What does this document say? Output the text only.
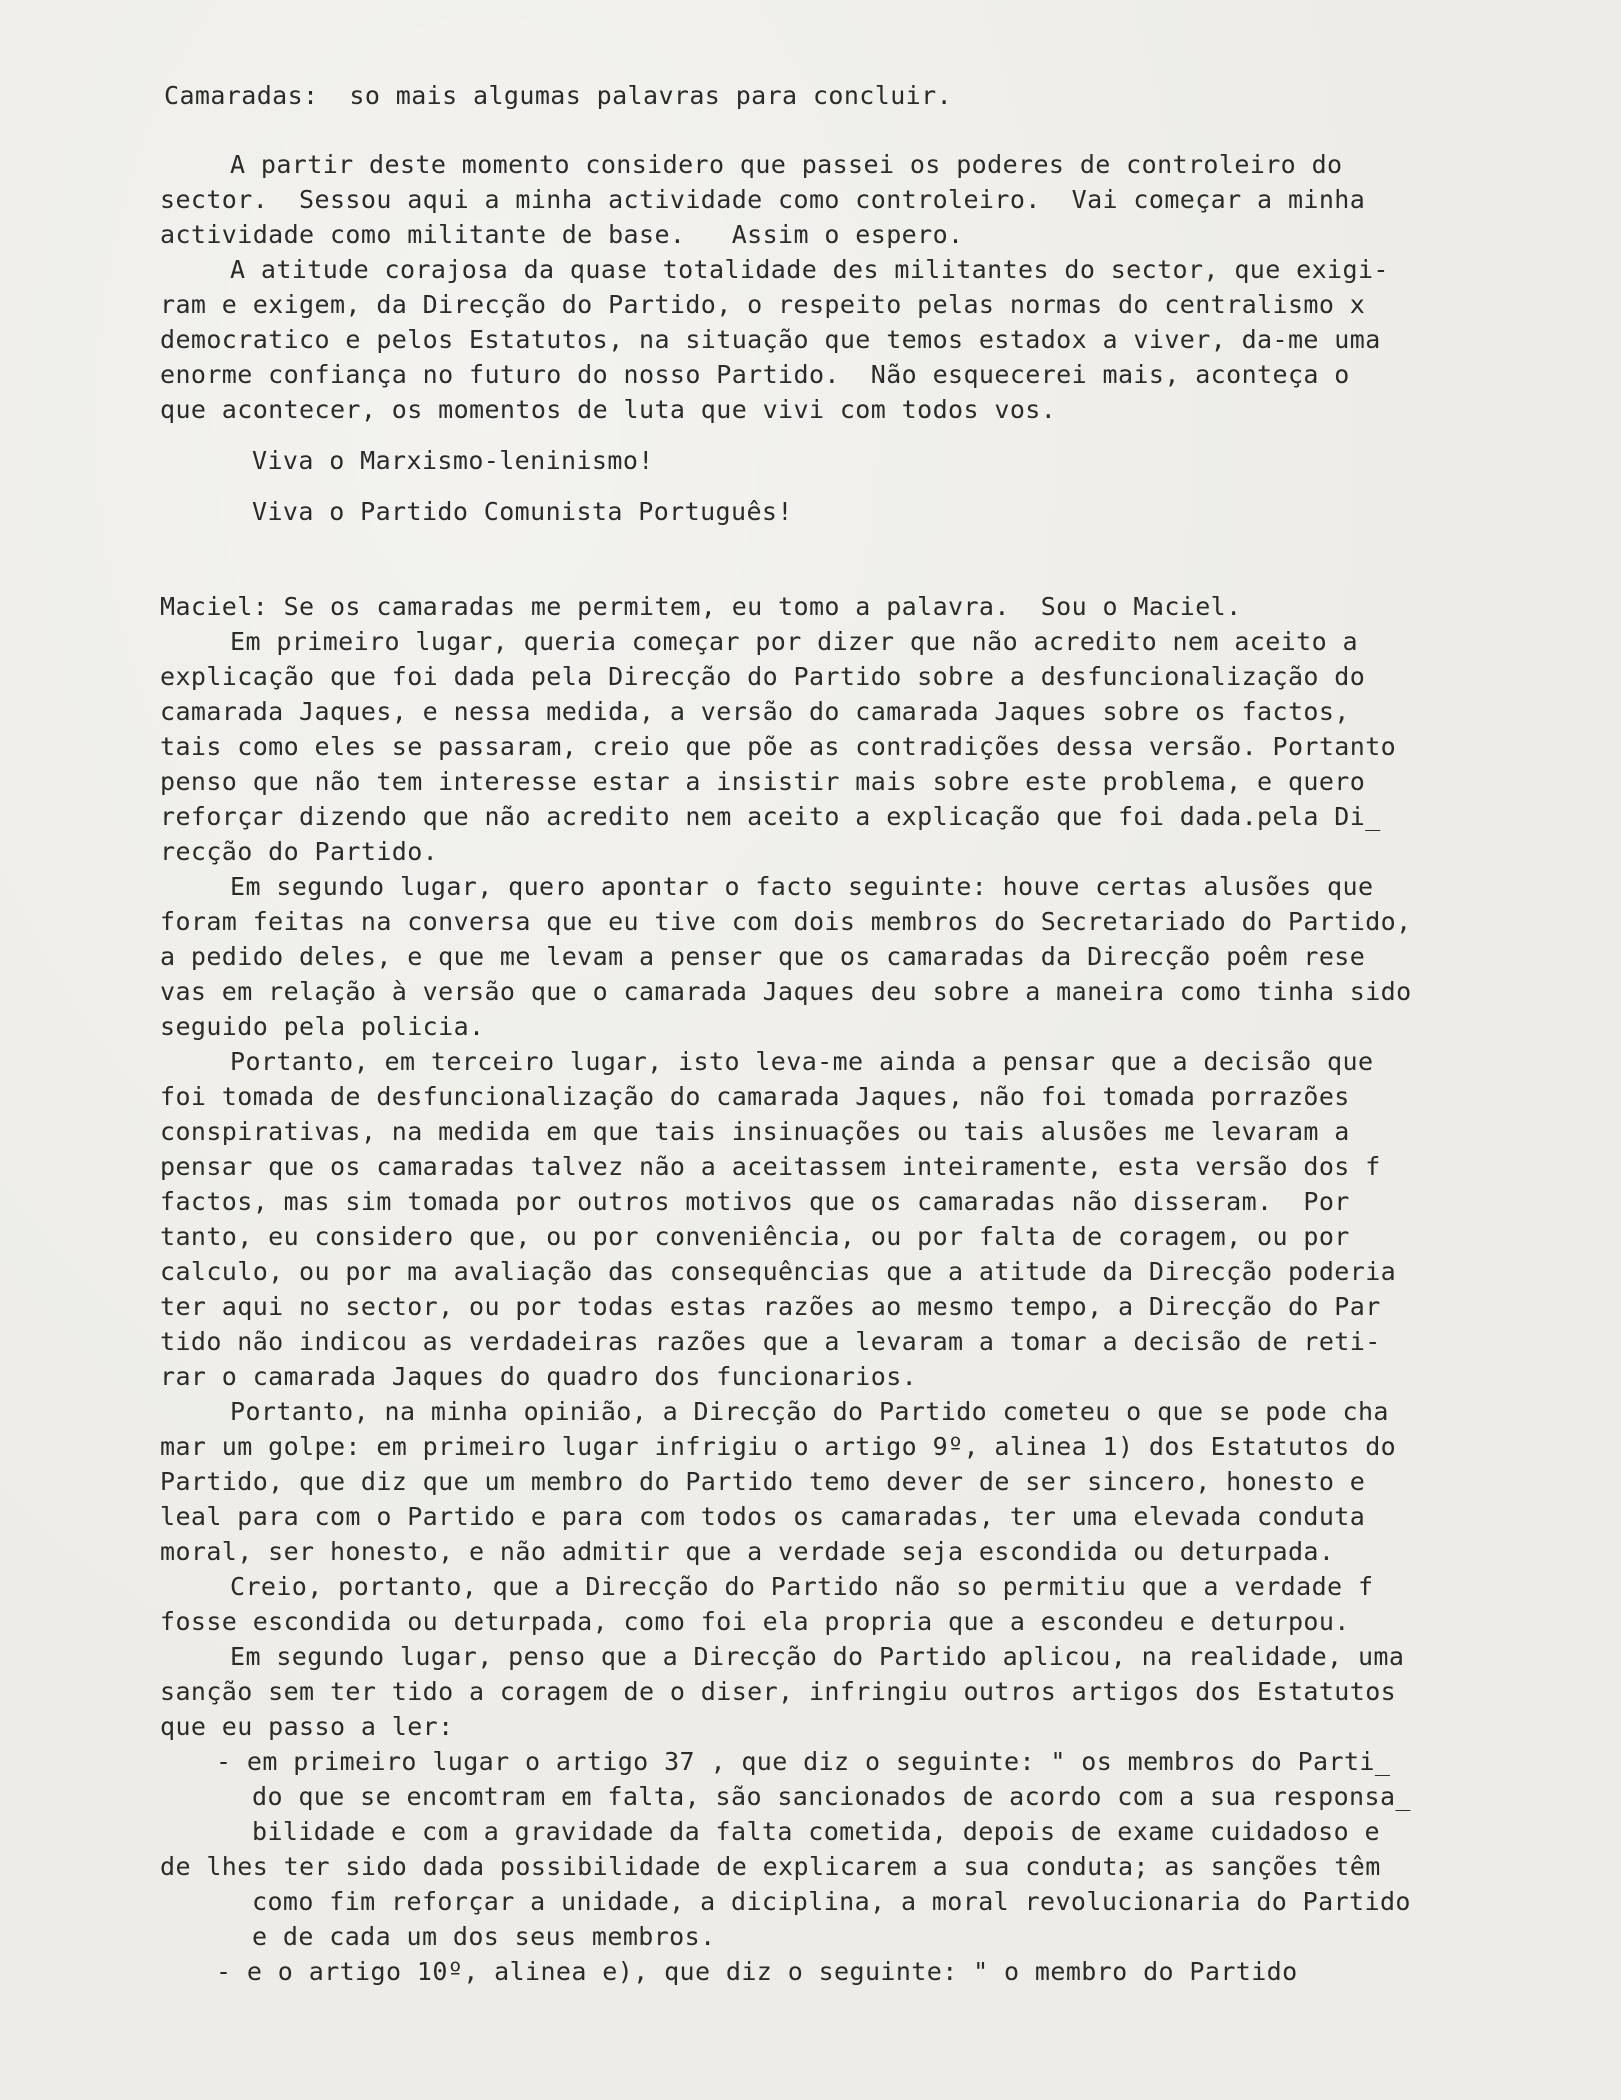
Camaradas:  so mais algumas palavras para concluir.
A partir deste momento considero que passei os poderes de controleiro do
sector.  Sessou aqui a minha actividade como controleiro.  Vai começar a minha
actividade como militante de base.   Assim o espero.
A atitude corajosa da quase totalidade des militantes do sector, que exigi-
ram e exigem, da Direcção do Partido, o respeito pelas normas do centralismo x
democratico e pelos Estatutos, na situação que temos estadox a viver, da-me uma
enorme confiança no futuro do nosso Partido.  Não esquecerei mais, aconteça o
que acontecer, os momentos de luta que vivi com todos vos.
Viva o Marxismo-leninismo!
Viva o Partido Comunista Português!
Maciel: Se os camaradas me permitem, eu tomo a palavra.  Sou o Maciel.
Em primeiro lugar, queria começar por dizer que não acredito nem aceito a
explicação que foi dada pela Direcção do Partido sobre a desfuncionalização do
camarada Jaques, e nessa medida, a versão do camarada Jaques sobre os factos,
tais como eles se passaram, creio que põe as contradições dessa versão. Portanto
penso que não tem interesse estar a insistir mais sobre este problema, e quero
reforçar dizendo que não acredito nem aceito a explicação que foi dada.pela Di_
recção do Partido.
Em segundo lugar, quero apontar o facto seguinte: houve certas alusões que
foram feitas na conversa que eu tive com dois membros do Secretariado do Partido,
a pedido deles, e que me levam a penser que os camaradas da Direcção poêm rese
vas em relação à versão que o camarada Jaques deu sobre a maneira como tinha sido
seguido pela policia.
Portanto, em terceiro lugar, isto leva-me ainda a pensar que a decisão que
foi tomada de desfuncionalização do camarada Jaques, não foi tomada porrazões
conspirativas, na medida em que tais insinuações ou tais alusões me levaram a
pensar que os camaradas talvez não a aceitassem inteiramente, esta versão dos f
factos, mas sim tomada por outros motivos que os camaradas não disseram.  Por
tanto, eu considero que, ou por conveniência, ou por falta de coragem, ou por
calculo, ou por ma avaliação das consequências que a atitude da Direcção poderia
ter aqui no sector, ou por todas estas razões ao mesmo tempo, a Direcção do Par
tido não indicou as verdadeiras razões que a levaram a tomar a decisão de reti-
rar o camarada Jaques do quadro dos funcionarios.
Portanto, na minha opinião, a Direcção do Partido cometeu o que se pode cha
mar um golpe: em primeiro lugar infrigiu o artigo 9º, alinea 1) dos Estatutos do
Partido, que diz que um membro do Partido temo dever de ser sincero, honesto e
leal para com o Partido e para com todos os camaradas, ter uma elevada conduta
moral, ser honesto, e não admitir que a verdade seja escondida ou deturpada.
Creio, portanto, que a Direcção do Partido não so permitiu que a verdade f
fosse escondida ou deturpada, como foi ela propria que a escondeu e deturpou.
Em segundo lugar, penso que a Direcção do Partido aplicou, na realidade, uma
sanção sem ter tido a coragem de o diser, infringiu outros artigos dos Estatutos
que eu passo a ler:
- em primeiro lugar o artigo 37 , que diz o seguinte: " os membros do Parti_
do que se encomtram em falta, são sancionados de acordo com a sua responsa_
bilidade e com a gravidade da falta cometida, depois de exame cuidadoso e
de lhes ter sido dada possibilidade de explicarem a sua conduta; as sanções têm
como fim reforçar a unidade, a diciplina, a moral revolucionaria do Partido
e de cada um dos seus membros.
- e o artigo 10º, alinea e), que diz o seguinte: " o membro do Partido
